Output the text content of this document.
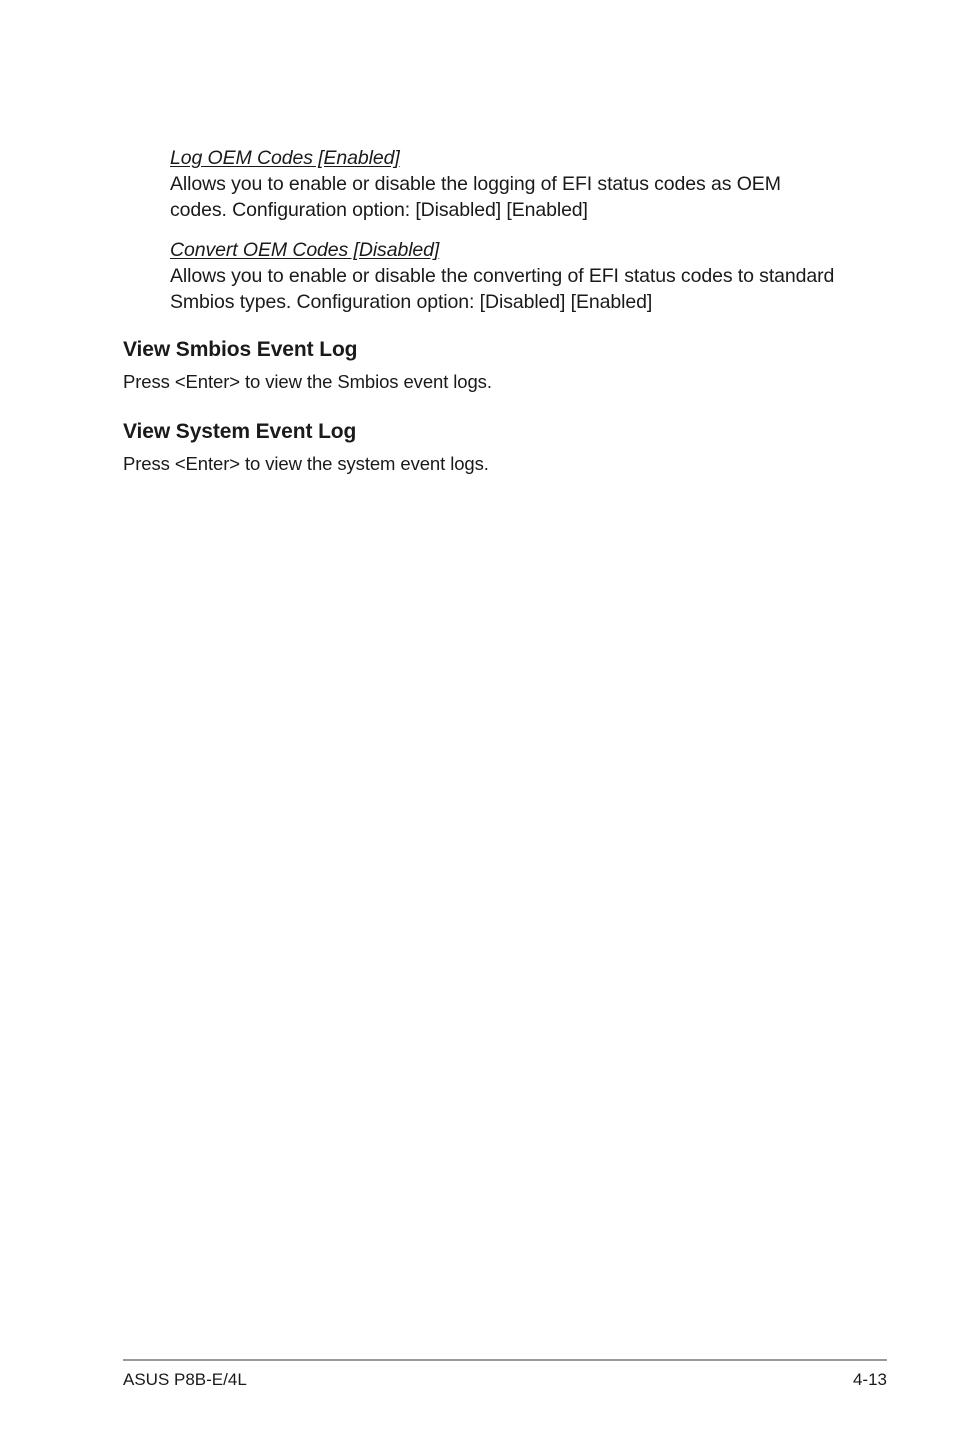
Log OEM Codes [Enabled]

Allows you to enable or disable the logging of EFI status codes as OEM

codes. Configuration option: [Disabled] [Enabled]

Convert OEM Codes [Disabled]

Allows you to enable or disable the converting of EFI status codes to standard

Smbios types. Configuration option: [Disabled] [Enabled]

View Smbios Event Log

Press <Enter> to view the Smbios event logs.

View System Event Log

Press <Enter> to view the system event logs.

ASUS P8B-E/4L	4-13
